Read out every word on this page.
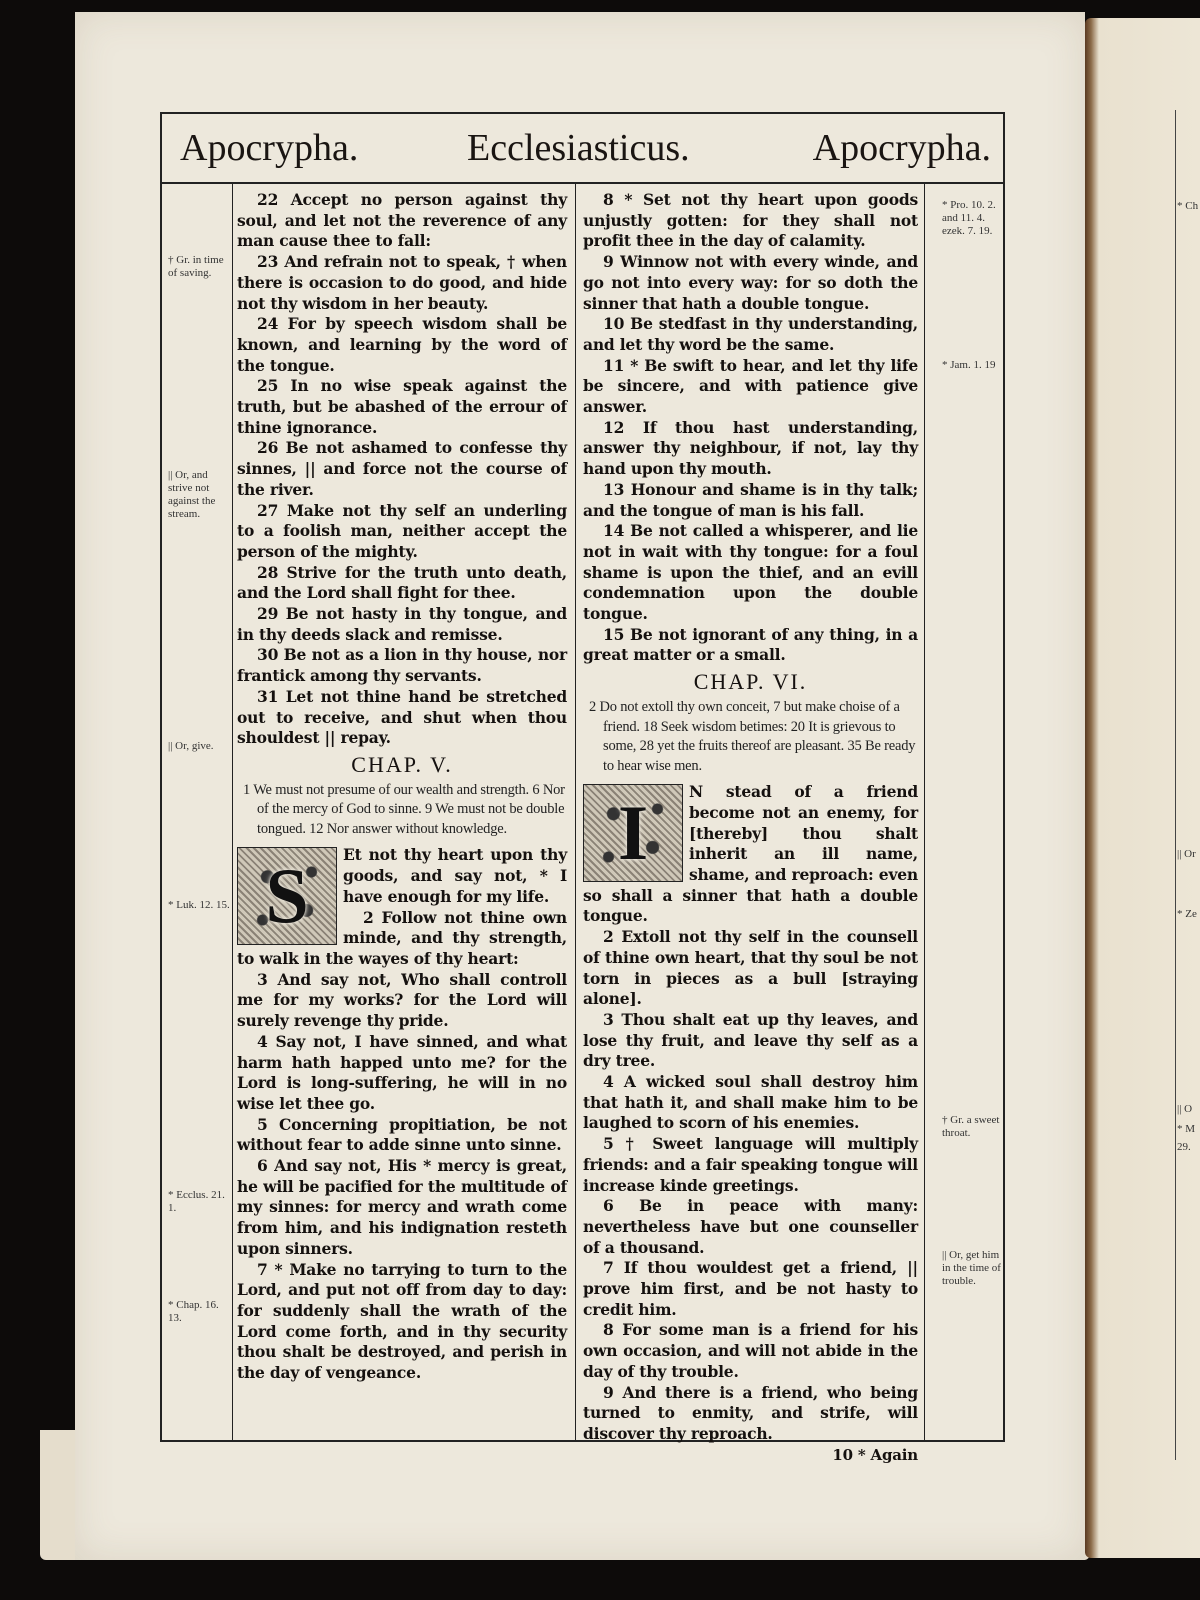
* Ch
|| Or
* Ze
|| O
* M
29.
Apocrypha.	Ecclesiasticus.	Apocrypha.
† Gr. in time of saving.
|| Or, and strive not against the stream.
|| Or, give.
* Luk. 12. 15.
* Ecclus. 21. 1.
* Chap. 16. 13.
* Pro. 10. 2. and 11. 4. ezek. 7. 19.
* Jam. 1. 19
† Gr. a sweet throat.
|| Or, get him in the time of trouble.

22 Accept no person against thy soul, and let not the reverence of any man cause thee to fall:

23 And refrain not to speak, † when there is occasion to do good, and hide not thy wisdom in her beauty.

24 For by speech wisdom shall be known, and learning by the word of the tongue.

25 In no wise speak against the truth, but be abashed of the errour of thine ignorance.

26 Be not ashamed to confesse thy sinnes, || and force not the course of the river.

27 Make not thy self an underling to a foolish man, neither accept the person of the mighty.

28 Strive for the truth unto death, and the Lord shall fight for thee.

29 Be not hasty in thy tongue, and in thy deeds slack and remisse.

30 Be not as a lion in thy house, nor frantick among thy servants.

31 Let not thine hand be stretched out to receive, and shut when thou shouldest || repay.

CHAP. V.
1 We must not presume of our wealth and strength. 6 Nor of the mercy of God to sinne. 9 We must not be double tongued. 12 Nor answer without knowledge.

S	Et not thy heart upon thy goods, and say not, * I have enough for my life.

2 Follow not thine own minde, and thy strength, to walk in the wayes of thy heart:

3 And say not, Who shall controll me for my works? for the Lord will surely revenge thy pride.

4 Say not, I have sinned, and what harm hath happed unto me? for the Lord is long-suffering, he will in no wise let thee go.

5 Concerning propitiation, be not without fear to adde sinne unto sinne.

6 And say not, His * mercy is great, he will be pacified for the multitude of my sinnes: for mercy and wrath come from him, and his indignation resteth upon sinners.

7 * Make no tarrying to turn to the Lord, and put not off from day to day: for suddenly shall the wrath of the Lord come forth, and in thy security thou shalt be destroyed, and perish in the day of vengeance.

8 * Set not thy heart upon goods unjustly gotten: for they shall not profit thee in the day of calamity.

9 Winnow not with every winde, and go not into every way: for so doth the sinner that hath a double tongue.

10 Be stedfast in thy understanding, and let thy word be the same.

11 * Be swift to hear, and let thy life be sincere, and with patience give answer.

12 If thou hast understanding, answer thy neighbour, if not, lay thy hand upon thy mouth.

13 Honour and shame is in thy talk; and the tongue of man is his fall.

14 Be not called a whisperer, and lie not in wait with thy tongue: for a foul shame is upon the thief, and an evill condemnation upon the double tongue.

15 Be not ignorant of any thing, in a great matter or a small.

CHAP. VI.
2 Do not extoll thy own conceit, 7 but make choise of a friend. 18 Seek wisdom betimes: 20 It is grievous to some, 28 yet the fruits thereof are pleasant. 35 Be ready to hear wise men.

I	N stead of a friend become not an enemy, for [thereby] thou shalt inherit an ill name, shame, and reproach: even so shall a sinner that hath a double tongue.

2 Extoll not thy self in the counsell of thine own heart, that thy soul be not torn in pieces as a bull [straying alone].

3 Thou shalt eat up thy leaves, and lose thy fruit, and leave thy self as a dry tree.

4 A wicked soul shall destroy him that hath it, and shall make him to be laughed to scorn of his enemies.

5 † Sweet language will multiply friends: and a fair speaking tongue will increase kinde greetings.

6 Be in peace with many: nevertheless have but one counseller of a thousand.

7 If thou wouldest get a friend, || prove him first, and be not hasty to credit him.

8 For some man is a friend for his own occasion, and will not abide in the day of thy trouble.

9 And there is a friend, who being turned to enmity, and strife, will discover thy reproach.

10 * Again
